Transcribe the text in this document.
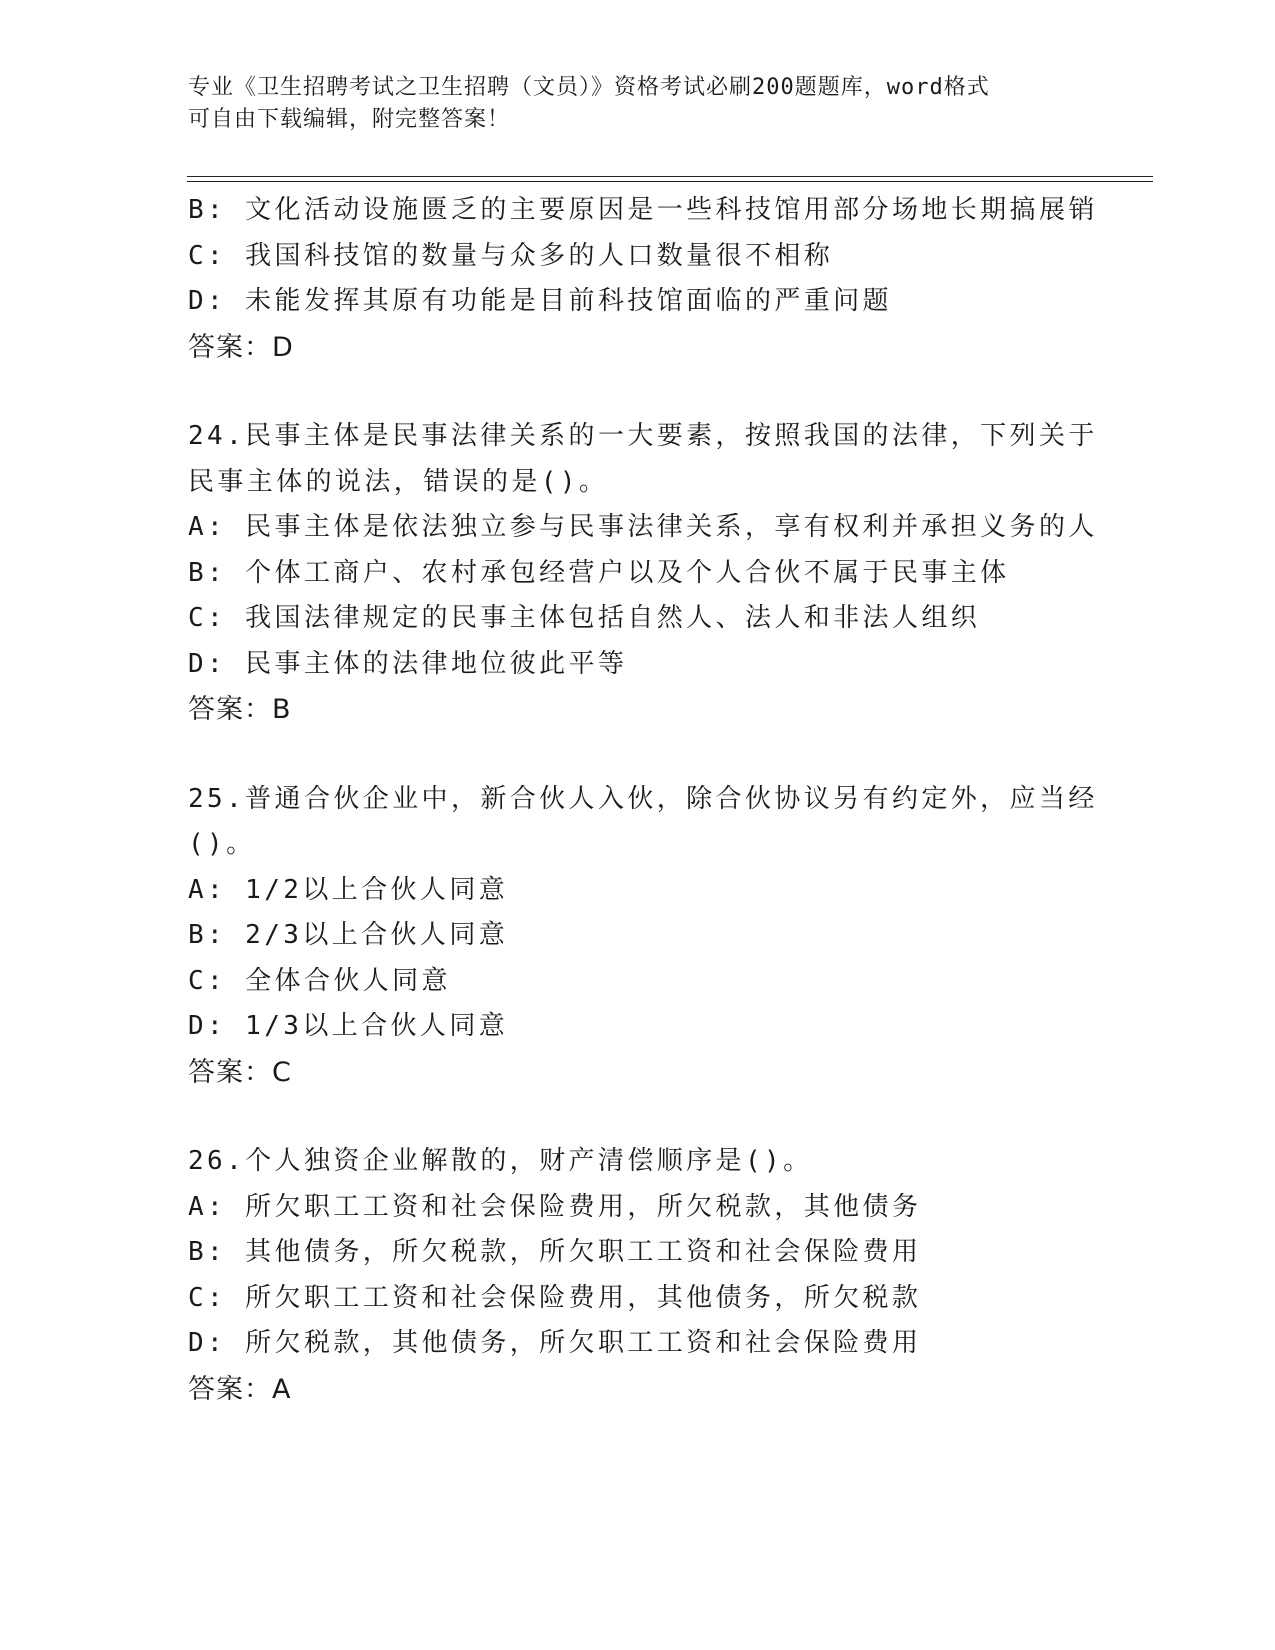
专业《卫生招聘考试之卫生招聘（文员）》资格考试必刷200题题库，word格式
可自由下载编辑，附完整答案！
B: 文化活动设施匮乏的主要原因是一些科技馆用部分场地长期搞展销
C: 我国科技馆的数量与众多的人口数量很不相称
D: 未能发挥其原有功能是目前科技馆面临的严重问题
答案：D
24.民事主体是民事法律关系的一大要素，按照我国的法律，下列关于
民事主体的说法，错误的是()。
A: 民事主体是依法独立参与民事法律关系，享有权利并承担义务的人
B: 个体工商户、农村承包经营户以及个人合伙不属于民事主体
C: 我国法律规定的民事主体包括自然人、法人和非法人组织
D: 民事主体的法律地位彼此平等
答案：B
25.普通合伙企业中，新合伙人入伙，除合伙协议另有约定外，应当经
()。
A: 1/2以上合伙人同意
B: 2/3以上合伙人同意
C: 全体合伙人同意
D: 1/3以上合伙人同意
答案：C
26.个人独资企业解散的，财产清偿顺序是()。
A: 所欠职工工资和社会保险费用，所欠税款，其他债务
B: 其他债务，所欠税款，所欠职工工资和社会保险费用
C: 所欠职工工资和社会保险费用，其他债务，所欠税款
D: 所欠税款，其他债务，所欠职工工资和社会保险费用
答案：A
